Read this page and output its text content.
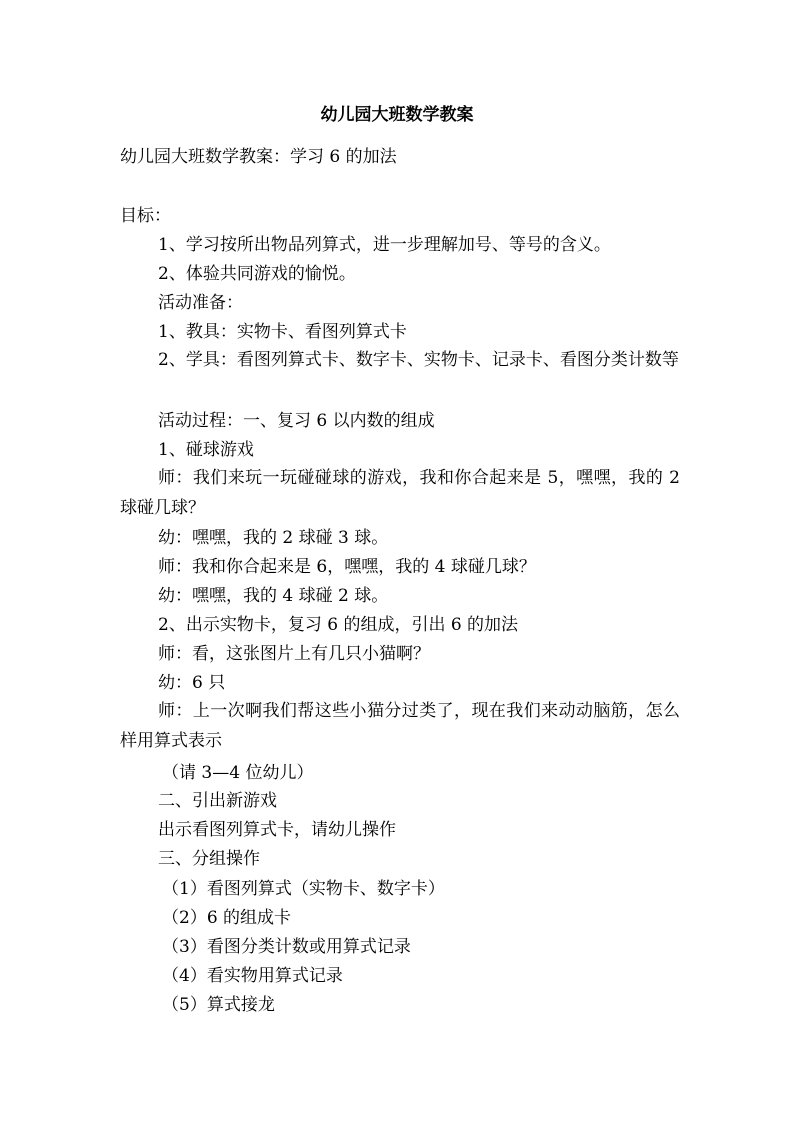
幼儿园大班数学教案
幼儿园大班数学教案：学习 6 的加法
目标：
1、学习按所出物品列算式，进一步理解加号、等号的含义。
2、体验共同游戏的愉悦。
活动准备：
1、教具：实物卡、看图列算式卡
2、学具：看图列算式卡、数字卡、实物卡、记录卡、看图分类计数等
活动过程：一、复习 6 以内数的组成
1、碰球游戏
师：我们来玩一玩碰碰球的游戏，我和你合起来是 5，嘿嘿，我的 2 球碰几球？
幼：嘿嘿，我的 2 球碰 3 球。
师：我和你合起来是 6，嘿嘿，我的 4 球碰几球？
幼：嘿嘿，我的 4 球碰 2 球。
2、出示实物卡，复习 6 的组成，引出 6 的加法
师：看，这张图片上有几只小猫啊？
幼：6 只
师：上一次啊我们帮这些小猫分过类了，现在我们来动动脑筋，怎么样用算式表示
（请 3—4 位幼儿）
二、引出新游戏
出示看图列算式卡，请幼儿操作
三、分组操作
（1）看图列算式（实物卡、数字卡）
（2）6 的组成卡
（3）看图分类计数或用算式记录
（4）看实物用算式记录
（5）算式接龙
